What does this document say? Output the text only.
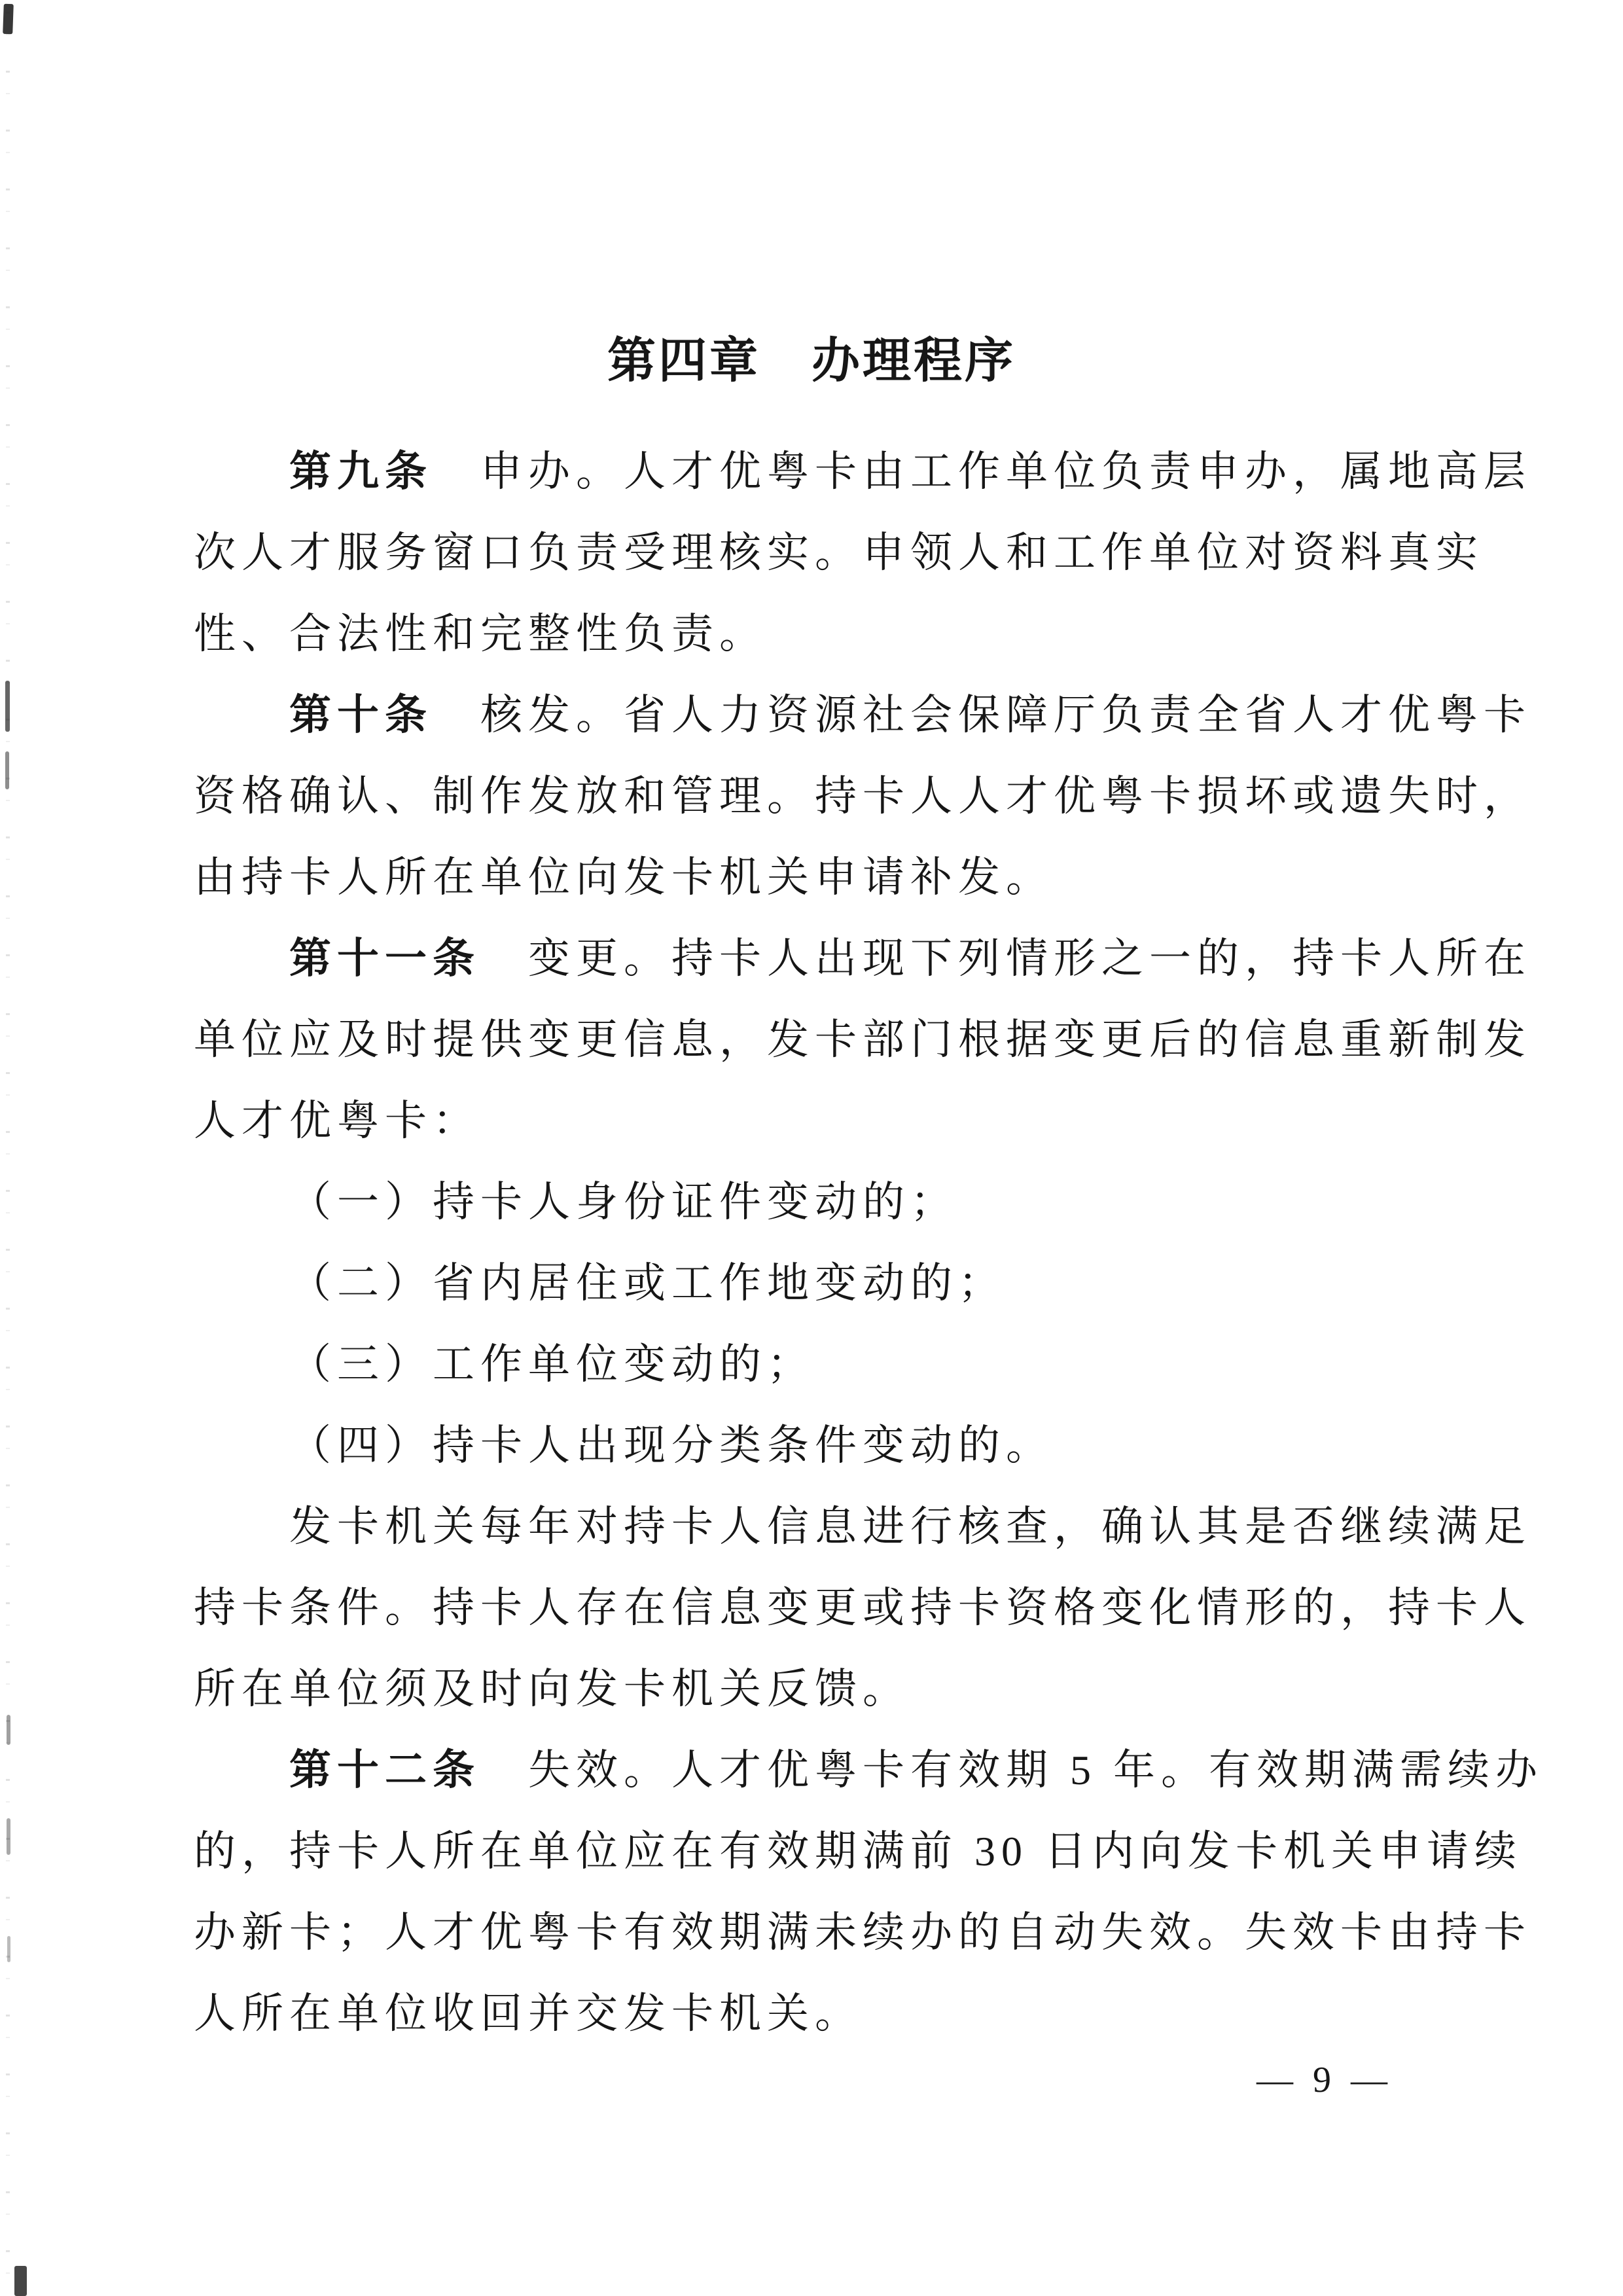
第四章　办理程序
第九条　申办。人才优粤卡由工作单位负责申办，属地高层
次人才服务窗口负责受理核实。申领人和工作单位对资料真实
性、合法性和完整性负责。
第十条　核发。省人力资源社会保障厅负责全省人才优粤卡
资格确认、制作发放和管理。持卡人人才优粤卡损坏或遗失时，
由持卡人所在单位向发卡机关申请补发。
第十一条　变更。持卡人出现下列情形之一的，持卡人所在
单位应及时提供变更信息，发卡部门根据变更后的信息重新制发
人才优粤卡：
（一）持卡人身份证件变动的；
（二）省内居住或工作地变动的；
（三）工作单位变动的；
（四）持卡人出现分类条件变动的。
发卡机关每年对持卡人信息进行核查，确认其是否继续满足
持卡条件。持卡人存在信息变更或持卡资格变化情形的，持卡人
所在单位须及时向发卡机关反馈。
第十二条　失效。人才优粤卡有效期 5 年。有效期满需续办
的，持卡人所在单位应在有效期满前 30 日内向发卡机关申请续
办新卡；人才优粤卡有效期满未续办的自动失效。失效卡由持卡
人所在单位收回并交发卡机关。
— 9 —
